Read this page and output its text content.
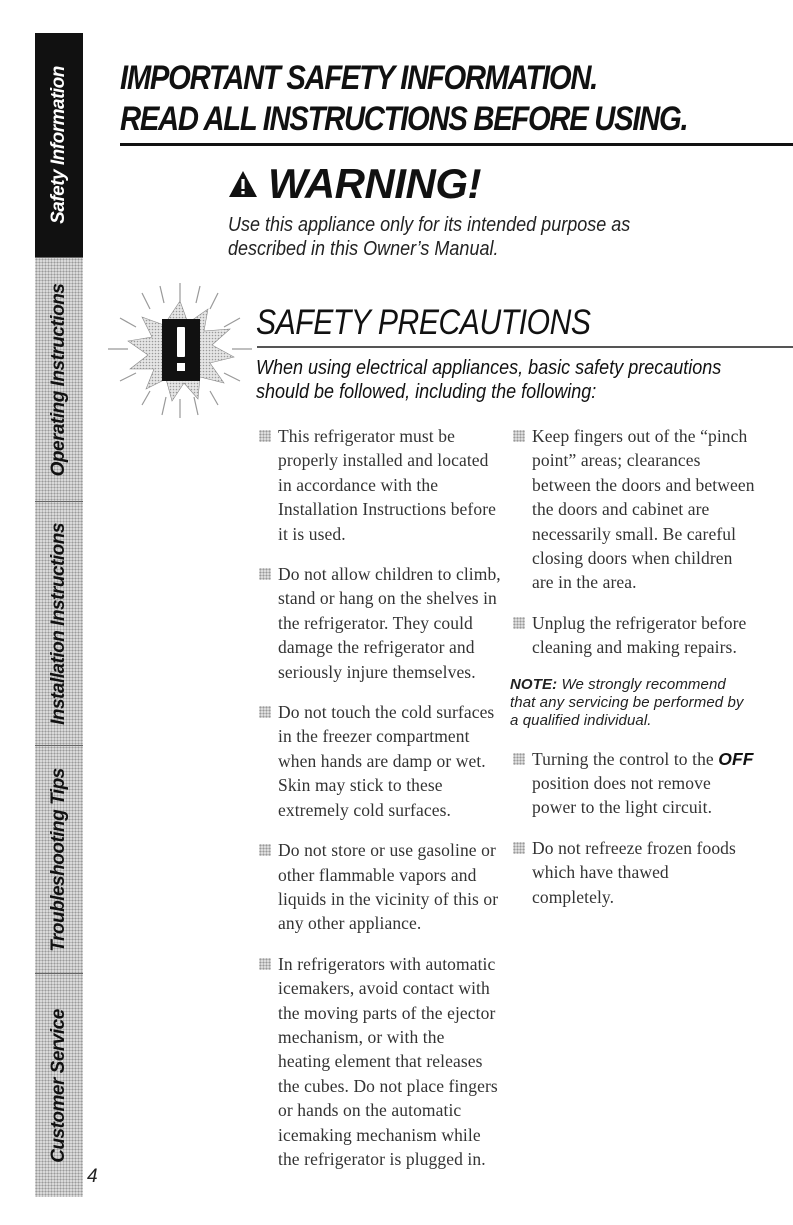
Safety Information
Operating Instructions
Installation Instructions
Troubleshooting Tips
Customer Service
4
IMPORTANT SAFETY INFORMATION.
READ ALL INSTRUCTIONS BEFORE USING.
WARNING!
Use this appliance only for its intended purpose as described in this Owner’s Manual.
SAFETY PRECAUTIONS
When using electrical appliances, basic safety precautions should be followed, including the following:
This refrigerator must be properly installed and located in accordance with the Installation Instructions before it is used.
Do not allow children to climb, stand or hang on the shelves in the refrigerator. They could damage the refrigerator and seriously injure themselves.
Do not touch the cold surfaces in the freezer compartment when hands are damp or wet. Skin may stick to these extremely cold surfaces.
Do not store or use gasoline or other flammable vapors and liquids in the vicinity of this or any other appliance.
In refrigerators with automatic icemakers, avoid contact with the moving parts of the ejector mechanism, or with the heating element that releases the cubes. Do not place fingers or hands on the automatic icemaking mechanism while the refrigerator is plugged in.
Keep fingers out of the “pinch point” areas; clearances between the doors and between the doors and cabinet are necessarily small. Be careful closing doors when children are in the area.
Unplug the refrigerator before cleaning and making repairs.
NOTE: We strongly recommend that any servicing be performed by a qualified individual.
Turning the control to the OFF position does not remove power to the light circuit.
Do not refreeze frozen foods which have thawed completely.
